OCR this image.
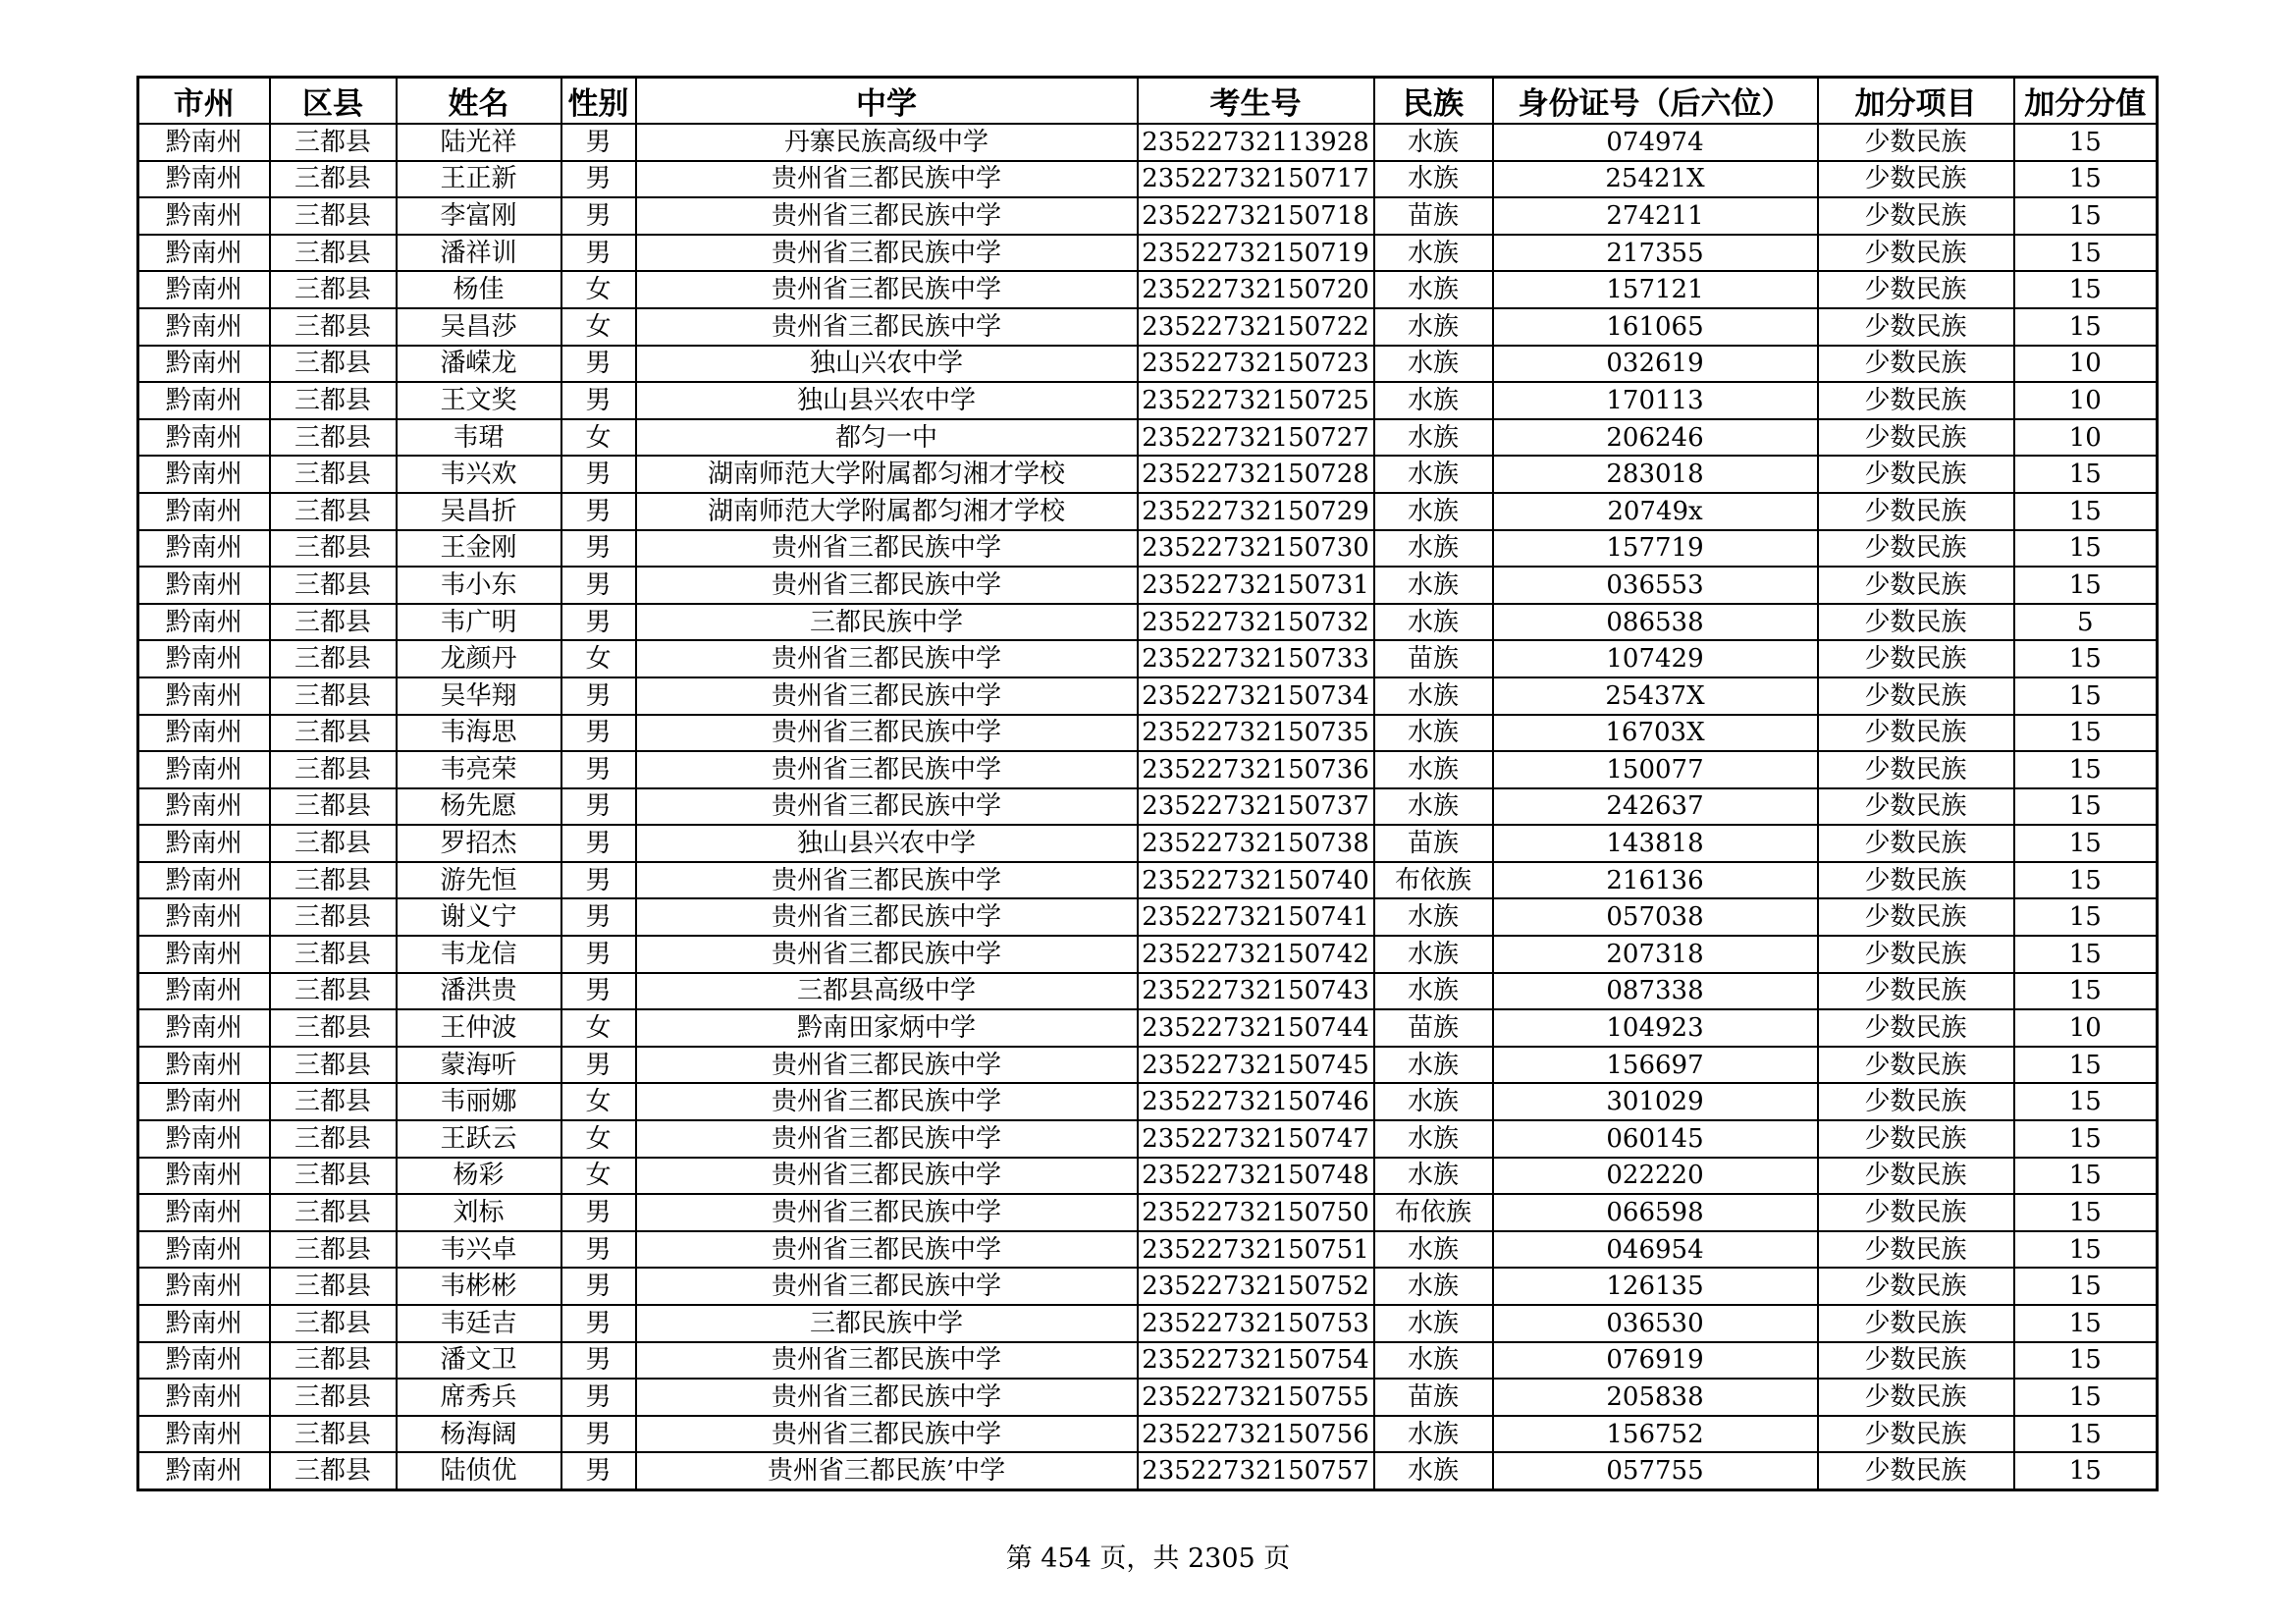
市州	区县	姓名	性别	中学	考生号	民族	身份证号（后六位）	加分项目	加分分值
黔南州	三都县	陆光祥	男	丹寨民族高级中学	23522732113928	水族	074974	少数民族	15
黔南州	三都县	王正新	男	贵州省三都民族中学	23522732150717	水族	25421X	少数民族	15
黔南州	三都县	李富刚	男	贵州省三都民族中学	23522732150718	苗族	274211	少数民族	15
黔南州	三都县	潘祥训	男	贵州省三都民族中学	23522732150719	水族	217355	少数民族	15
黔南州	三都县	杨佳	女	贵州省三都民族中学	23522732150720	水族	157121	少数民族	15
黔南州	三都县	吴昌莎	女	贵州省三都民族中学	23522732150722	水族	161065	少数民族	15
黔南州	三都县	潘嵘龙	男	独山兴农中学	23522732150723	水族	032619	少数民族	10
黔南州	三都县	王文奖	男	独山县兴农中学	23522732150725	水族	170113	少数民族	10
黔南州	三都县	韦珺	女	都匀一中	23522732150727	水族	206246	少数民族	10
黔南州	三都县	韦兴欢	男	湖南师范大学附属都匀湘才学校	23522732150728	水族	283018	少数民族	15
黔南州	三都县	吴昌折	男	湖南师范大学附属都匀湘才学校	23522732150729	水族	20749x	少数民族	15
黔南州	三都县	王金刚	男	贵州省三都民族中学	23522732150730	水族	157719	少数民族	15
黔南州	三都县	韦小东	男	贵州省三都民族中学	23522732150731	水族	036553	少数民族	15
黔南州	三都县	韦广明	男	三都民族中学	23522732150732	水族	086538	少数民族	5
黔南州	三都县	龙颜丹	女	贵州省三都民族中学	23522732150733	苗族	107429	少数民族	15
黔南州	三都县	吴华翔	男	贵州省三都民族中学	23522732150734	水族	25437X	少数民族	15
黔南州	三都县	韦海思	男	贵州省三都民族中学	23522732150735	水族	16703X	少数民族	15
黔南州	三都县	韦亮荣	男	贵州省三都民族中学	23522732150736	水族	150077	少数民族	15
黔南州	三都县	杨先愿	男	贵州省三都民族中学	23522732150737	水族	242637	少数民族	15
黔南州	三都县	罗招杰	男	独山县兴农中学	23522732150738	苗族	143818	少数民族	15
黔南州	三都县	游先恒	男	贵州省三都民族中学	23522732150740	布依族	216136	少数民族	15
黔南州	三都县	谢义宁	男	贵州省三都民族中学	23522732150741	水族	057038	少数民族	15
黔南州	三都县	韦龙信	男	贵州省三都民族中学	23522732150742	水族	207318	少数民族	15
黔南州	三都县	潘洪贵	男	三都县高级中学	23522732150743	水族	087338	少数民族	15
黔南州	三都县	王仲波	女	黔南田家炳中学	23522732150744	苗族	104923	少数民族	10
黔南州	三都县	蒙海听	男	贵州省三都民族中学	23522732150745	水族	156697	少数民族	15
黔南州	三都县	韦丽娜	女	贵州省三都民族中学	23522732150746	水族	301029	少数民族	15
黔南州	三都县	王跃云	女	贵州省三都民族中学	23522732150747	水族	060145	少数民族	15
黔南州	三都县	杨彩	女	贵州省三都民族中学	23522732150748	水族	022220	少数民族	15
黔南州	三都县	刘标	男	贵州省三都民族中学	23522732150750	布依族	066598	少数民族	15
黔南州	三都县	韦兴卓	男	贵州省三都民族中学	23522732150751	水族	046954	少数民族	15
黔南州	三都县	韦彬彬	男	贵州省三都民族中学	23522732150752	水族	126135	少数民族	15
黔南州	三都县	韦廷吉	男	三都民族中学	23522732150753	水族	036530	少数民族	15
黔南州	三都县	潘文卫	男	贵州省三都民族中学	23522732150754	水族	076919	少数民族	15
黔南州	三都县	席秀兵	男	贵州省三都民族中学	23522732150755	苗族	205838	少数民族	15
黔南州	三都县	杨海阔	男	贵州省三都民族中学	23522732150756	水族	156752	少数民族	15
黔南州	三都县	陆侦优	男	贵州省三都民族’中学	23522732150757	水族	057755	少数民族	15
第 454 页，共 2305 页
